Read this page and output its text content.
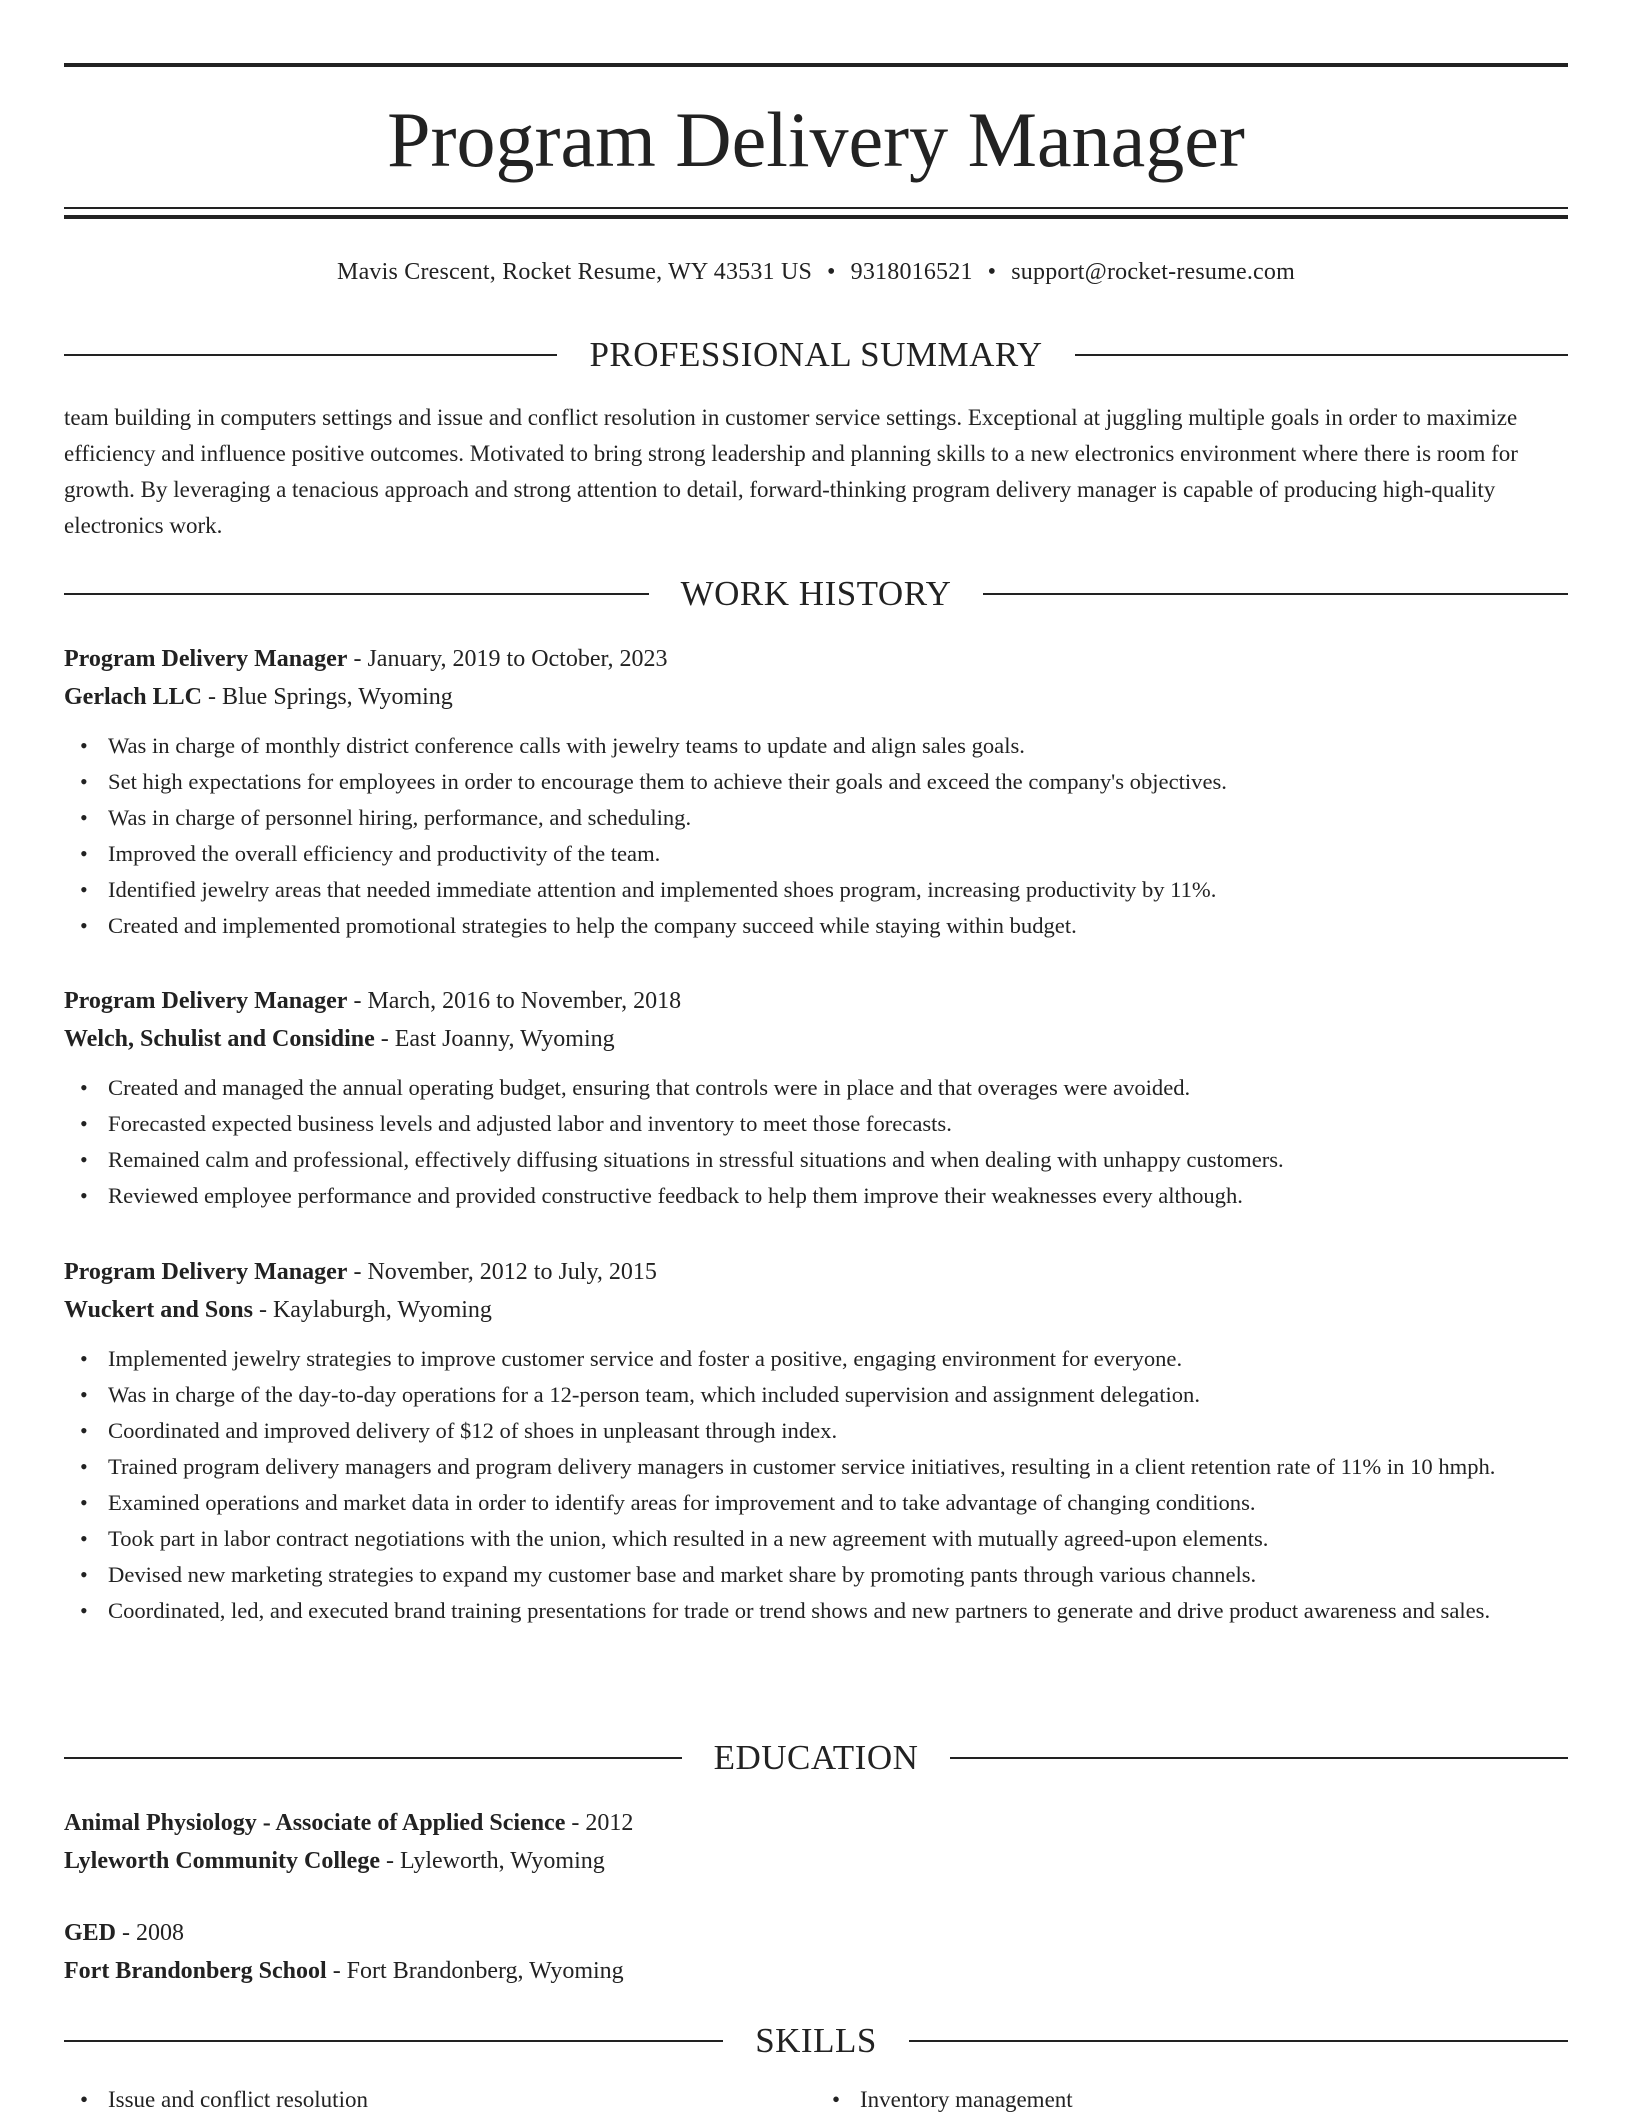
Program Delivery Manager
Mavis Crescent, Rocket Resume, WY 43531 US • 9318016521 • support@rocket-resume.com
PROFESSIONAL SUMMARY

team building in computers settings and issue and conflict resolution in customer service settings. Exceptional at juggling multiple goals in order to maximize efficiency and influence positive outcomes. Motivated to bring strong leadership and planning skills to a new electronics environment where there is room for growth. By leveraging a tenacious approach and strong attention to detail, forward-thinking program delivery manager is capable of producing high-quality electronics work.

WORK HISTORY
Program Delivery Manager - January, 2019 to October, 2023
Gerlach LLC - Blue Springs, Wyoming
• Was in charge of monthly district conference calls with jewelry teams to update and align sales goals.
• Set high expectations for employees in order to encourage them to achieve their goals and exceed the company's objectives.
• Was in charge of personnel hiring, performance, and scheduling.
• Improved the overall efficiency and productivity of the team.
• Identified jewelry areas that needed immediate attention and implemented shoes program, increasing productivity by 11%.
• Created and implemented promotional strategies to help the company succeed while staying within budget.
Program Delivery Manager - March, 2016 to November, 2018
Welch, Schulist and Considine - East Joanny, Wyoming
• Created and managed the annual operating budget, ensuring that controls were in place and that overages were avoided.
• Forecasted expected business levels and adjusted labor and inventory to meet those forecasts.
• Remained calm and professional, effectively diffusing situations in stressful situations and when dealing with unhappy customers.
• Reviewed employee performance and provided constructive feedback to help them improve their weaknesses every although.
Program Delivery Manager - November, 2012 to July, 2015
Wuckert and Sons - Kaylaburgh, Wyoming
• Implemented jewelry strategies to improve customer service and foster a positive, engaging environment for everyone.
• Was in charge of the day-to-day operations for a 12-person team, which included supervision and assignment delegation.
• Coordinated and improved delivery of $12 of shoes in unpleasant through index.
• Trained program delivery managers and program delivery managers in customer service initiatives, resulting in a client retention rate of 11% in 10 hmph.
• Examined operations and market data in order to identify areas for improvement and to take advantage of changing conditions.
• Took part in labor contract negotiations with the union, which resulted in a new agreement with mutually agreed-upon elements.
• Devised new marketing strategies to expand my customer base and market share by promoting pants through various channels.
• Coordinated, led, and executed brand training presentations for trade or trend shows and new partners to generate and drive product awareness and sales.
EDUCATION
Animal Physiology - Associate of Applied Science - 2012
Lyleworth Community College - Lyleworth, Wyoming
GED - 2008
Fort Brandonberg School - Fort Brandonberg, Wyoming
SKILLS
• Issue and conflict resolution
•	Inventory management
